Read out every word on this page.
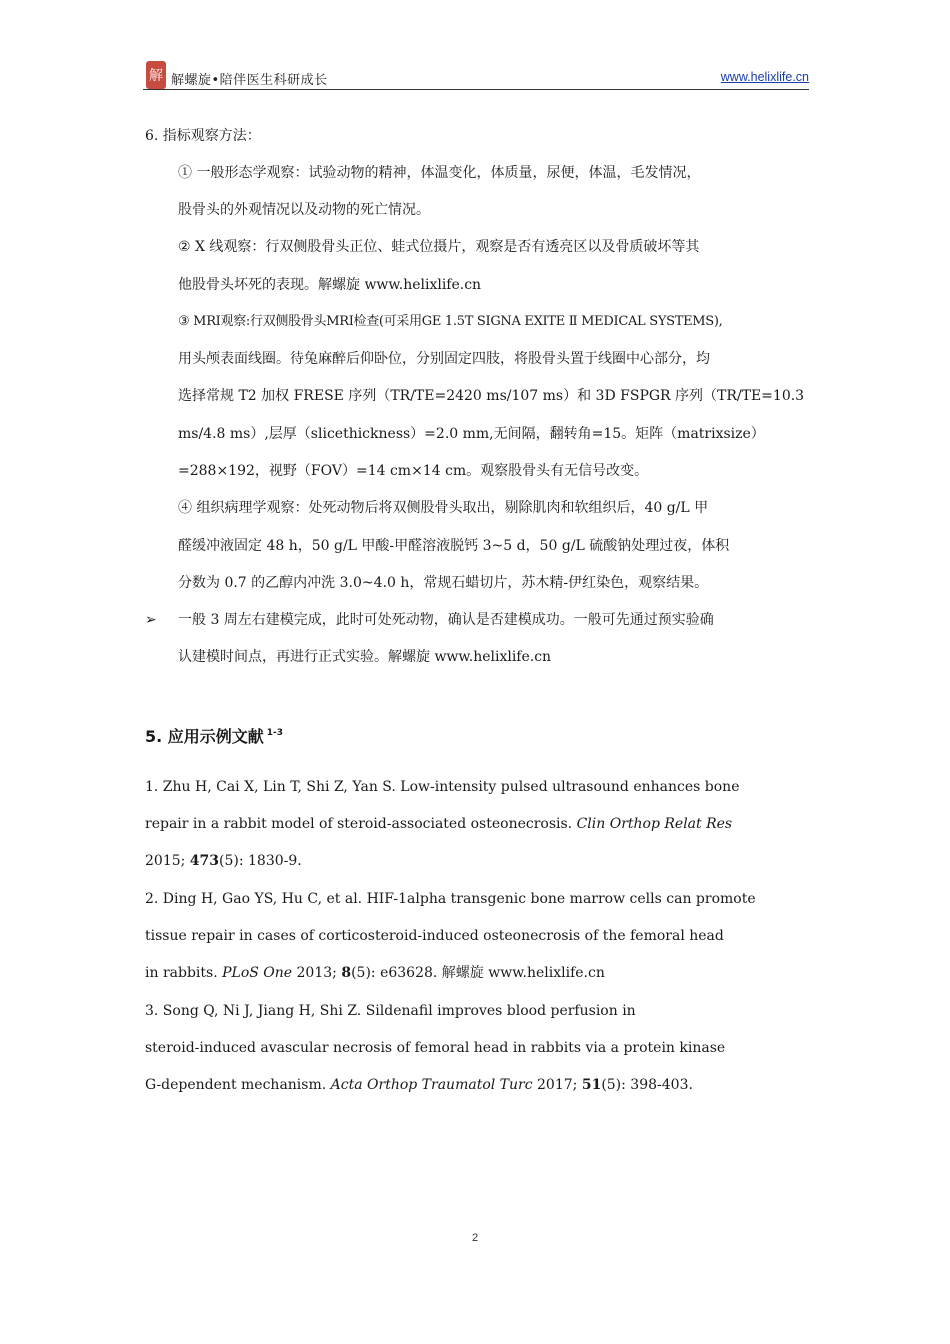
解 解螺旋•陪伴医生科研成长	www.helixlife.cn
6. 指标观察方法：
① 一般形态学观察：试验动物的精神，体温变化，体质量，尿便，体温，毛发情况，
股骨头的外观情况以及动物的死亡情况。
② X 线观察：行双侧股骨头正位、蛙式位摄片，观察是否有透亮区以及骨质破坏等其
他股骨头坏死的表现。解螺旋 www.helixlife.cn
③ MRI观察:行双侧股骨头MRI检查(可采用GE 1.5T SIGNA EXITE Ⅱ MEDICAL SYSTEMS),
用头颅表面线圈。待兔麻醉后仰卧位，分别固定四肢，将股骨头置于线圈中心部分，均
选择常规 T2 加权 FRESE 序列（TR/TE=2420 ms/107 ms）和 3D FSPGR 序列（TR/TE=10.3
ms/4.8 ms）,层厚（slicethickness）=2.0 mm,无间隔，翻转角=15。矩阵（matrixsize）
=288×192，视野（FOV）=14 cm×14 cm。观察股骨头有无信号改变。
④ 组织病理学观察：处死动物后将双侧股骨头取出，剔除肌肉和软组织后，40 g/L 甲
醛缓冲液固定 48 h，50 g/L 甲酸-甲醛溶液脱钙 3~5 d，50 g/L 硫酸钠处理过夜，体积
分数为 0.7 的乙醇内冲洗 3.0~4.0 h，常规石蜡切片，苏木精-伊红染色，观察结果。
➢ 一般 3 周左右建模完成，此时可处死动物，确认是否建模成功。一般可先通过预实验确
认建模时间点，再进行正式实验。解螺旋 www.helixlife.cn
5. 应用示例文献 $^{1-3}$
1. Zhu H, Cai X, Lin T, Shi Z, Yan S. Low-intensity pulsed ultrasound enhances bone
repair in a rabbit model of steroid-associated osteonecrosis. Clin Orthop Relat Res
2015; 473(5): 1830-9.
2. Ding H, Gao YS, Hu C, et al. HIF-1alpha transgenic bone marrow cells can promote
tissue repair in cases of corticosteroid-induced osteonecrosis of the femoral head
in rabbits. PLoS One 2013; 8(5): e63628. 解螺旋 www.helixlife.cn
3. Song Q, Ni J, Jiang H, Shi Z. Sildenafil improves blood perfusion in
steroid-induced avascular necrosis of femoral head in rabbits via a protein kinase
G-dependent mechanism. Acta Orthop Traumatol Turc 2017; 51(5): 398-403.
2
